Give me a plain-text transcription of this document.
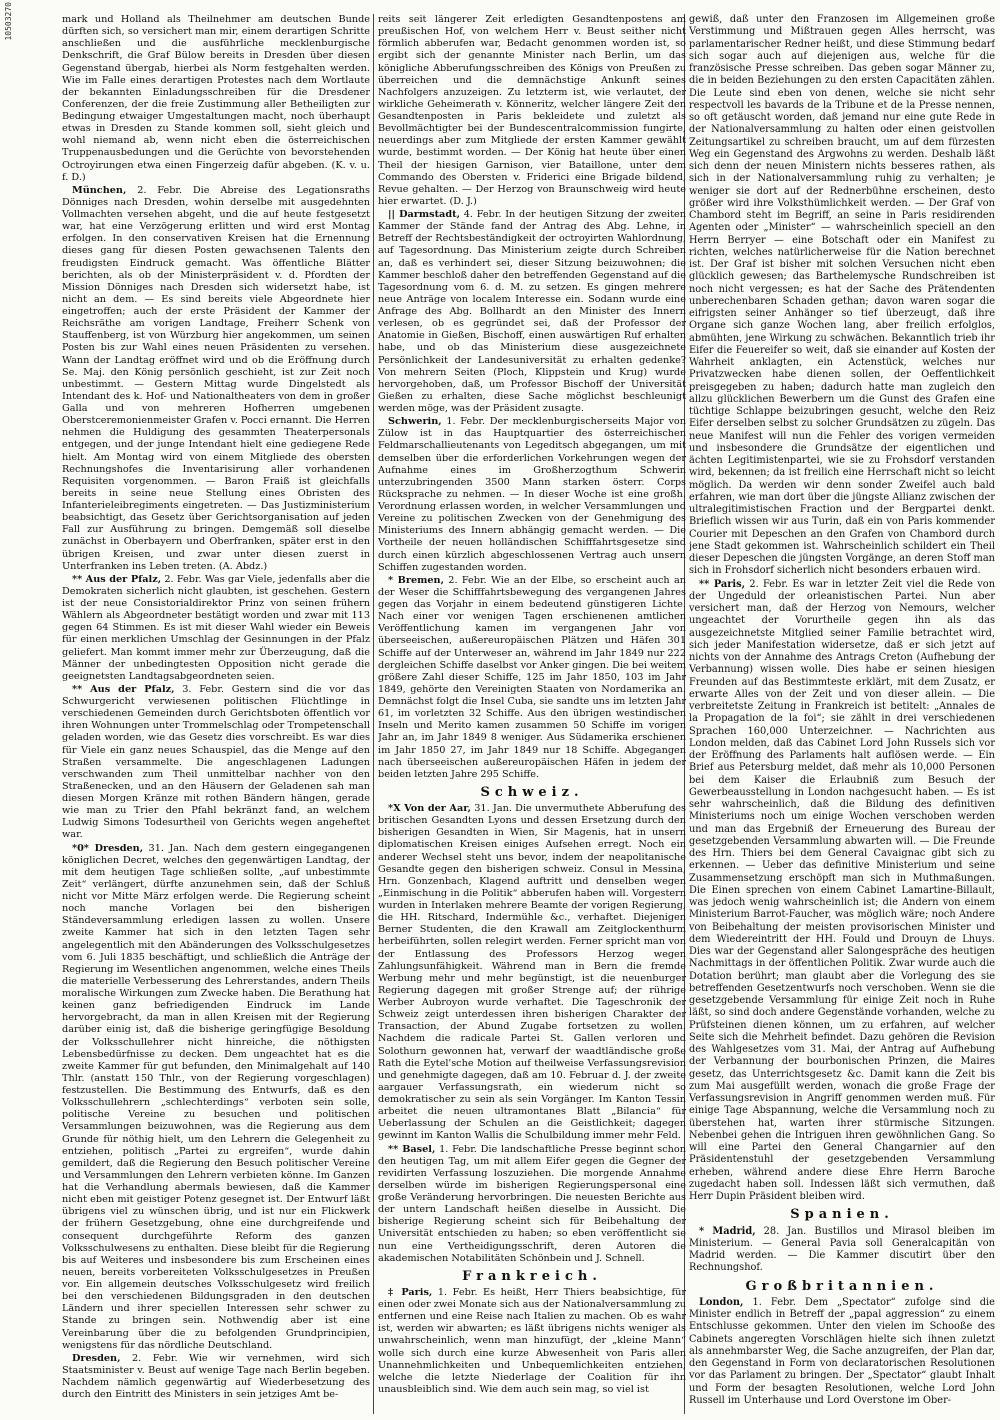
10503270	mark und Holland als Theilnehmer am deutschen Bunde dürften sich, so versichert man mir, einem derartigen Schritte anschließen und die ausführliche mecklenburgische Denkschrift, die Graf Bülow bereits in Dresden über diesen Gegenstand übergab, hierbei als Norm festgehalten werden. Wie im Falle eines derartigen Protestes nach dem Wortlaute der bekannten Einladungsschreiben für die Dresdener Conferenzen, der die freie Zustimmung aller Betheiligten zur Bedingung etwaiger Umgestaltungen macht, noch überhaupt etwas in Dresden zu Stande kommen soll, sieht gleich und wohl niemand ab, wenn nicht eben die österreichischen Truppenausbedungen und die Gerüchte von bevorstehenden Octroyirungen etwa einen Fingerzeig dafür abgeben. (K. v. u. f. D.)

München, 2. Febr. Die Abreise des Legationsraths Dönniges nach Dresden, wohin derselbe mit ausgedehnten Vollmachten versehen abgeht, und die auf heute festgesetzt war, hat eine Verzögerung erlitten und wird erst Montag erfolgen. In den conservativen Kreisen hat die Ernennung dieses gang für diesen Posten gewachsenen Talents den freudigsten Eindruck gemacht. Was öffentliche Blätter berichten, als ob der Ministerpräsident v. d. Pfordten der Mission Dönniges nach Dresden sich widersetzt habe, ist nicht an dem. — Es sind bereits viele Abgeordnete hier eingetroffen; auch der erste Präsident der Kammer der Reichsräthe am vorigen Landtage, Freiherr Schenk von Stauffenberg, ist von Würzburg hier angekommen, um seinen Posten bis zur Wahl eines neuen Präsidenten zu versehen. Wann der Landtag eröffnet wird und ob die Eröffnung durch Se. Maj. den König persönlich geschieht, ist zur Zeit noch unbestimmt. — Gestern Mittag wurde Dingelstedt als Intendant des k. Hof- und Nationaltheaters von dem in großer Galla und von mehreren Hofherren umgebenen Oberstceremonienmeister Grafen v. Pocci ernannt. Die Herren nehmen die Huldigung des gesammten Theaterpersonals entgegen, und der junge Intendant hielt eine gediegene Rede hielt. Am Montag wird von einem Mitgliede des obersten Rechnungshofes die Inventarisirung aller vorhandenen Requisiten vorgenommen. — Baron Fraiß ist gleichfalls bereits in seine neue Stellung eines Obristen des Infanterieleibregiments eingetreten. — Das Justizministerium beabsichtigt, das Gesetz über Gerichtsorganisation auf jeden Fall zur Ausführung zu bringen. Demgemäß soll dieselbe zunächst in Oberbayern und Oberfranken, später erst in den übrigen Kreisen, und zwar unter diesen zuerst in Unterfranken ins Leben treten. (A. Abdz.)

** Aus der Pfalz, 2. Febr. Was gar Viele, jedenfalls aber die Demokraten sicherlich nicht glaubten, ist geschehen. Gestern ist der neue Consistorialdirektor Prinz von seinen frühern Wählern als Abgeordneter bestätigt worden und zwar mit 113 gegen 64 Stimmen. Es ist mit dieser Wahl wieder ein Beweis für einen merklichen Umschlag der Gesinnungen in der Pfalz geliefert. Man kommt immer mehr zur Überzeugung, daß die Männer der unbedingtesten Opposition nicht gerade die geeignetsten Landtagsabgeordneten seien.

** Aus der Pfalz, 3. Febr. Gestern sind die vor das Schwurgericht verwiesenen politischen Flüchtlinge in verschiedenen Gemeinden durch Gerichtsboten öffentlich vor ihren Wohnungen unter Trommelschlag oder Trompetenschall geladen worden, wie das Gesetz dies vorschreibt. Es war dies für Viele ein ganz neues Schauspiel, das die Menge auf den Straßen versammelte. Die angeschlagenen Ladungen verschwanden zum Theil unmittelbar nachher von den Straßenecken, und an den Häusern der Geladenen sah man diesen Morgen Kränze mit rothen Bändern hängen, gerade wie man zu Trier den Pfahl bekränzt fand, an welchem Ludwig Simons Todesurtheil von Gerichts wegen angeheftet war.

*0* Dresden, 31. Jan. Nach dem gestern eingegangenen königlichen Decret, welches den gegenwärtigen Landtag, der mit dem heutigen Tage schließen sollte, „auf unbestimmte Zeit“ verlängert, dürfte anzunehmen sein, daß der Schluß nicht vor Mitte März erfolgen werde. Die Regierung scheint noch manche Vorlagen bei den bisherigen Ständeversammlung erledigen lassen zu wollen. Unsere zweite Kammer hat sich in den letzten Tagen sehr angelegentlich mit den Abänderungen des Volksschulgesetzes vom 6. Juli 1835 beschäftigt, und schließlich die Anträge der Regierung im Wesentlichen angenommen, welche eines Theils die materielle Verbesserung des Lehrerstandes, andern Theils moralische Wirkungen zum Zwecke haben. Die Berathung hat keinen ganz befriedigenden Eindruck im Lande hervorgebracht, da man in allen Kreisen mit der Regierung darüber einig ist, daß die bisherige geringfügige Besoldung der Volksschullehrer nicht hinreiche, die nöthigsten Lebensbedürfnisse zu decken. Dem ungeachtet hat es die zweite Kammer für gut befunden, den Minimalgehalt auf 140 Thlr. (anstatt 150 Thlr., von der Regierung vorgeschlagen) festzustellen. Die Bestimmung des Entwurfs, daß es den Volksschullehrern „schlechterdings“ verboten sein solle, politische Vereine zu besuchen und politischen Versammlungen beizuwohnen, was die Regierung aus dem Grunde für nöthig hielt, um den Lehrern die Gelegenheit zu entziehen, politisch „Partei zu ergreifen“, wurde dahin gemildert, daß die Regierung den Besuch politischer Vereine und Versammlungen den Lehrern verbieten könne. Im Ganzen hat die Verhandlung abermals bewiesen, daß die Kammer nicht eben mit geistiger Potenz gesegnet ist. Der Entwurf läßt übrigens viel zu wünschen übrig, und ist nur ein Flickwerk der frühern Gesetzgebung, ohne eine durchgreifende und consequent durchgeführte Reform des ganzen Volksschulwesens zu enthalten. Diese bleibt für die Regierung bis auf Weiteres und insbesondere bis zum Erscheinen eines neuen, bereits vorbereiteten Volksschulgesetzes in Preußen vor. Ein allgemein deutsches Volksschulgesetz wird freilich bei den verschiedenen Bildungsgraden in den deutschen Ländern und ihrer speciellen Interessen sehr schwer zu Stande zu bringen sein. Nothwendig aber ist eine Vereinbarung über die zu befolgenden Grundprincipien, wenigstens für das nördliche Deutschland.

Dresden, 2. Febr. Wie wir vernehmen, wird sich Staatsminister v. Beust auf wenige Tage nach Berlin begeben. Nachdem nämlich gegenwärtig auf Wiederbesetzung des durch den Eintritt des Ministers in sein jetziges Amt be-

reits seit längerer Zeit erledigten Gesandtenpostens am preußischen Hof, von welchem Herr v. Beust seither nicht förmlich abberufen war, Bedacht genommen worden ist, so ergibt sich der genannte Minister nach Berlin, um das königliche Abberufungsschreiben des Königs von Preußen zu überreichen und die demnächstige Ankunft seines Nachfolgers anzuzeigen. Zu letzterm ist, wie verlautet, der wirkliche Geheimerath v. Könneritz, welcher längere Zeit den Gesandtenposten in Paris bekleidete und zuletzt als Bevollmächtigter bei der Bundescentralcommission fungirte, neuerdings aber zum Mitgliede der ersten Kammer gewählt wurde, bestimmt worden. — Der König hat heute über einen Theil der hiesigen Garnison, vier Bataillone, unter dem Commando des Obersten v. Friderici eine Brigade bildend, Revue gehalten. — Der Herzog von Braunschweig wird heute hier erwartet. (D. J.)

|| Darmstadt, 4. Febr. In der heutigen Sitzung der zweiten Kammer der Stände fand der Antrag des Abg. Lehne, in Betreff der Rechtsbeständigkeit der octroyirten Wahlordnung, auf Tagesordnung. Das Ministerium zeigte durch Schreiben an, daß es verhindert sei, dieser Sitzung beizuwohnen; die Kammer beschloß daher den betreffenden Gegenstand auf die Tagesordnung vom 6. d. M. zu setzen. Es gingen mehrere neue Anträge von localem Interesse ein. Sodann wurde eine Anfrage des Abg. Bollhardt an den Minister des Innern verlesen, ob es gegründet sei, daß der Professor der Anatomie in Gießen, Bischoff, einen auswärtigen Ruf erhalten habe, und ob das Ministerium diese ausgezeichnete Persönlichkeit der Landesuniversität zu erhalten gedenke? Von mehrern Seiten (Ploch, Klippstein und Krug) wurde hervorgehoben, daß, um Professor Bischoff der Universität Gießen zu erhalten, diese Sache möglichst beschleunigt werden möge, was der Präsident zusagte.

Schwerin, 1. Febr. Der mecklenburgischerseits Major von Zülow ist in das Hauptquartier des österreichischen Feldmarschallieutenants von Legeditsch abgegangen, um mit demselben über die erforderlichen Vorkehrungen wegen der Aufnahme eines im Großherzogthum Schwerin unterzubringenden 3500 Mann starken österr. Corps Rücksprache zu nehmen. — In dieser Woche ist eine großh. Verordnung erlassen worden, in welcher Versammlungen und Vereine zu politischen Zwecken von der Genehmigung des Ministeriums des Innern abhängig gemacht werden. — Die Vortheile der neuen holländischen Schifffahrtsgesetze sind durch einen kürzlich abgeschlossenen Vertrag auch unsern Schiffen zugestanden worden.

* Bremen, 2. Febr. Wie an der Elbe, so erscheint auch an der Weser die Schifffahrtsbewegung des vergangenen Jahres gegen das Vorjahr in einem bedeutend günstigeren Lichte. Nach einer vor wenigen Tagen erschienenen amtlichen Veröffentlichung kamen im vergangenen Jahr von überseeischen, außereuropäischen Plätzen und Häfen 301 Schiffe auf der Unterweser an, während im Jahr 1849 nur 222 dergleichen Schiffe daselbst vor Anker gingen. Die bei weitem größere Zahl dieser Schiffe, 125 im Jahr 1850, 103 im Jahr 1849, gehörte den Vereinigten Staaten von Nordamerika an. Demnächst folgt die Insel Cuba, sie sandte uns im letzten Jahr 61, im vorletzten 32 Schiffe. Aus den übrigen westindischen Inseln und Merito kamen zusammen 50 Schiffe im vorigen Jahr an, im Jahr 1849 8 weniger. Aus Südamerika erschienen im Jahr 1850 27, im Jahr 1849 nur 18 Schiffe. Abgegangen nach überseeischen außereuropäischen Häfen in jedem der beiden letzten Jahre 295 Schiffe.

Schweiz.

*X Von der Aar, 31. Jan. Die unvermuthete Abberufung des britischen Gesandten Lyons und dessen Ersetzung durch den bisherigen Gesandten in Wien, Sir Magenis, hat in unsern diplomatischen Kreisen einiges Aufsehen erregt. Noch ein anderer Wechsel steht uns bevor, indem der neapolitanische Gesandte gegen den bisherigen schweiz. Consul in Messina, Hrn. Gonzenbach, Klagend auftritt und denselben wegen „Einmischung in die Politik“ abberufen haben will. Vorgestern wurden in Interlaken mehrere Beamte der vorigen Regierung, die HH. Ritschard, Indermühle &c., verhaftet. Diejenigen Berner Studenten, die den Krawall am Zeitglockenthurm herbeiführten, sollen relegirt werden. Ferner spricht man von der Entlassung des Professors Herzog wegen Zahlungsunfähigkeit. Während man in Bern die fremde Werbung mehr und mehr begünstigt, ist die neuenburger Regierung dagegen mit großer Strenge auf; der rührige Werber Aubroyon wurde verhaftet. Die Tageschronik der Schweiz zeigt unterdessen ihren bisherigen Charakter der Transaction, der Abund Zugabe fortsetzen zu wollen. Nachdem die radicale Partei St. Gallen verloren und Solothurn gewonnen hat, verwarf der waadtländische große Rath die Eytel'sche Motion auf theilweise Verfassungsrevision und genehmigte dagegen, daß am 10. Februar d. J. der zweite aargauer Verfassungsrath, ein wiederum nicht so demokratischer zu sein als sein Vorgänger. Im Kanton Tessin arbeitet die neuen ultramontanes Blatt „Bilancia“ für Ueberlassung der Schulen an die Geistlichkeit; dagegen gewinnt im Kanton Wallis die Schulbildung immer mehr Feld.

** Basel, 1. Febr. Die landschaftliche Presse beginnt schon den heutigen Tag, um mit allem Eifer gegen die Gegner der revidirten Verfassung loszuziehen. Die morgende Annahme derselben würde im bisherigen Regierungspersonal eine große Veränderung hervorbringen. Die neuesten Berichte aus der untern Landschaft heißen dieselbe in Aussicht. Die bisherige Regierung scheint sich für Beibehaltung der Universität entschieden zu haben; so eben veröffentlicht sie nun eine Vertheidigungsschrift, deren Autoren die akademischen Notabilitäten Schönbein und J. Schnell.

Frankreich.

‡ Paris, 1. Febr. Es heißt, Herr Thiers beabsichtige, für einen oder zwei Monate sich aus der Nationalversammlung zu entfernen und eine Reise nach Italien zu machen. Ob es wahr ist, werden wir abwarten; es läßt übrigens nichts weniger als unwahrscheinlich, wenn man hinzufügt, der „kleine Mann“ wolle sich durch eine kurze Abwesenheit von Paris allen Unannehmlichkeiten und Unbequemlichkeiten entziehen, welche die letzte Niederlage der Coalition für ihn unausbleiblich sind. Wie dem auch sein mag, so viel ist

gewiß, daß unter den Franzosen im Allgemeinen große Verstimmung und Mißtrauen gegen Alles herrscht, was parlamentarischer Redner heißt, und diese Stimmung bedarf sich sogar auch auf diejenigen aus, welche für die französische Presse schreiben. Das geben sogar Männer zu, die in beiden Beziehungen zu den ersten Capacitäten zählen. Die Leute sind eben von denen, welche sie nicht sehr respectvoll les bavards de la Tribune et de la Presse nennen, so oft getäuscht worden, daß jemand nur eine gute Rede in der Nationalversammlung zu halten oder einen geistvollen Zeitungsartikel zu schreiben braucht, um auf dem fürzesten Weg ein Gegenstand des Argwohns zu werden. Deshalb läßt sich denn der neuen Ministern nichts besseres rathen, als sich in der Nationalversammlung ruhig zu verhalten; je weniger sie dort auf der Rednerbühne erscheinen, desto größer wird ihre Volksthümlichkeit werden. — Der Graf von Chambord steht im Begriff, an seine in Paris residirenden Agenten oder „Minister“ — wahrscheinlich speciell an den Herrn Berryer — eine Botschaft oder ein Manifest zu richten, welches natürlicherweise für die Nation berechnet ist. Der Graf ist bisher mit solchen Versuchen nicht eben glücklich gewesen; das Barthelemysche Rundschreiben ist noch nicht vergessen; es hat der Sache des Prätendenten unberechenbaren Schaden gethan; davon waren sogar die eifrigsten seiner Anhänger so tief überzeugt, daß ihre Organe sich ganze Wochen lang, aber freilich erfolglos, abmühten, jene Wirkung zu schwächen. Bekanntlich trieb ihr Eifer die Feuereifer so weit, daß sie einander auf Kosten der Wahrheit anklagten, ein Actenstück, welches nur Privatzwecken habe dienen sollen, der Oeffentlichkeit preisgegeben zu haben; dadurch hatte man zugleich den allzu glücklichen Bewerbern um die Gunst des Grafen eine tüchtige Schlappe beizubringen gesucht, welche den Reiz Eifer derselben selbst zu solcher Grundsätzen zu zügeln. Das neue Manifest will nun die Fehler des vorigen vermeiden und insbesondere die Grundsätze der eigentlichen und ächten Legitimistenpartei, wie sie zu Frohsdorf verstanden wird, bekennen; da ist freilich eine Herrschaft nicht so leicht möglich. Da werden wir denn sonder Zweifel auch bald erfahren, wie man dort über die jüngste Allianz zwischen der ultralegitimistischen Fraction und der Bergpartei denkt. Brieflich wissen wir aus Turin, daß ein von Paris kommender Courier mit Depeschen an den Grafen von Chambord durch jene Stadt gekommen ist. Wahrscheinlich schildert ein Theil dieser Depeschen die jüngsten Vorgänge, an deren Stoff man sich in Frohsdorf sicherlich nicht besonders erbauen wird.

** Paris, 2. Febr. Es war in letzter Zeit viel die Rede von der Ungeduld der orleanistischen Partei. Nun aber versichert man, daß der Herzog von Nemours, welcher ungeachtet der Vorurtheile gegen ihn als das ausgezeichnetste Mitglied seiner Familie betrachtet wird, sich jeder Manifestation widersetze, daß er sich jetzt auf nichts von der Annahme des Antrags Creton (Aufhebung der Verbannung) wissen wolle. Dies habe er seinen hiesigen Freunden auf das Bestimmteste erklärt, mit dem Zusatz, er erwarte Alles von der Zeit und von dieser allein. — Die verbreitetste Zeitung in Frankreich ist betitelt: „Annales de la Propagation de la foi“; sie zählt in drei verschiedenen Sprachen 160,000 Unterzeichner. — Nachrichten aus London melden, daß das Cabinet Lord John Russels sich vor der Eröffnung des Parlaments halt auflösen werde. — Ein Brief aus Petersburg meldet, daß mehr als 10,000 Personen bei dem Kaiser die Erlaubniß zum Besuch der Gewerbeausstellung in London nachgesucht haben. — Es ist sehr wahrscheinlich, daß die Bildung des definitiven Ministeriums noch um einige Wochen verschoben werden und man das Ergebniß der Erneuerung des Bureau der gesetzgebenden Versammlung abwarten will. — Die Freunde des Hrn. Thiers bei dem General Cavaignac gibt sich zu erkennen. — Ueber das definitive Ministerium und seine Zusammensetzung erschöpft man sich in Muthmaßungen. Die Einen sprechen von einem Cabinet Lamartine-Billault, was jedoch wenig wahrscheinlich ist; die Andern von einem Ministerium Barrot-Faucher, was möglich wäre; noch Andere von Beibehaltung der meisten provisorischen Minister und dem Wiedereintritt der HH. Fould und Drouyn de Lhuys. Dies war der Gegenstand aller Salongespräche des heutigen Nachmittags in der öffentlichen Politik. Zwar wurde auch die Dotation berührt; man glaubt aber die Vorlegung des sie betreffenden Gesetzentwurfs noch verschoben. Wenn sie die gesetzgebende Versammlung für einige Zeit noch in Ruhe läßt, so sind doch andere Gegenstände vorhanden, welche zu Prüfsteinen dienen können, um zu erfahren, auf welcher Seite sich die Mehrheit befindet. Dazu gehören die Revision des Wahlgesetzes vom 31. Mai, der Antrag auf Aufhebung der Verbannung der bourbonischen Prinzen, die Maires gesetz, das Unterrichtsgesetz &c. Damit kann die Zeit bis zum Mai ausgefüllt werden, wonach die große Frage der Verfassungsrevision in Angriff genommen werden muß. Für einige Tage Abspannung, welche die Versammlung noch zu überstehen hat, warten ihrer stürmische Sitzungen. Nebenbei gehen die Intriguen ihren gewöhnlichen Gang. So will eine Partei den General Changarnier auf den Präsidentenstuhl der gesetzgebenden Versammlung erheben, während andere diese Ehre Herrn Baroche zugedacht haben soll. Indessen läßt sich vermuthen, daß Herr Dupin Präsident bleiben wird.

Spanien.

* Madrid, 28. Jan. Bustillos und Mirasol bleiben im Ministerium. — General Pavia soll Generalcapitän von Madrid werden. — Die Kammer discutirt über den Rechnungshof.

Großbritannien.

London, 1. Febr. Dem „Spectator“ zufolge sind die Minister endlich in Betreff der „papal aggression“ zu einem Entschlusse gekommen. Unter den vielen im Schooße des Cabinets angeregten Vorschlägen hielte sich ihnen zuletzt als annehmbarster Weg, die Sache anzugreifen, der Plan dar, den Gegenstand in Form von declaratorischen Resolutionen vor das Parlament zu bringen. Der „Spectator“ glaubt Inhalt und Form der besagten Resolutionen, welche Lord John Russell im Unterhause und Lord Overstone im Ober-
